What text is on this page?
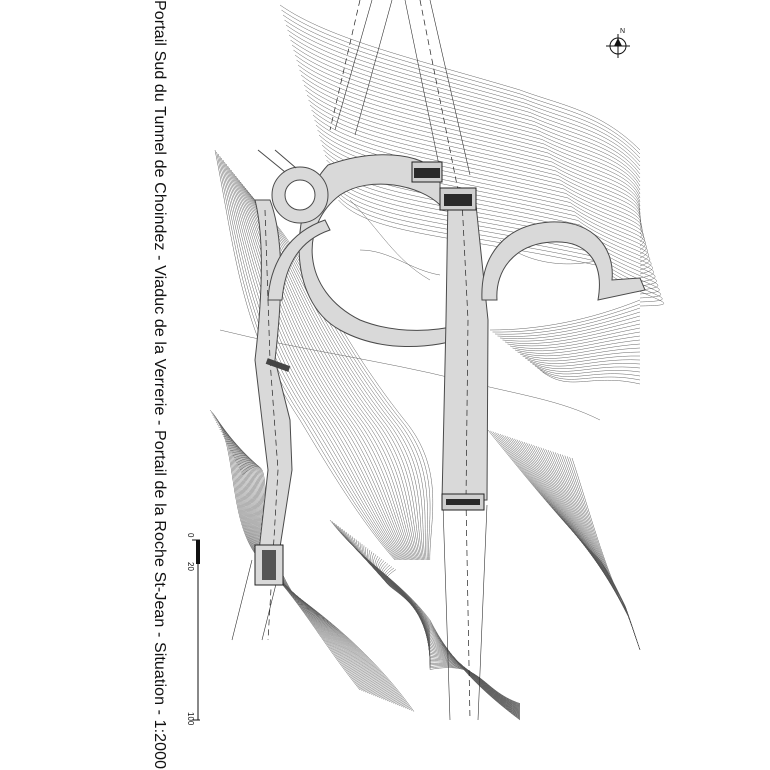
0
20
100
N
Portail Sud du Tunnel de Choindez - Viaduc de la Verrerie - Portail de la Roche St-Jean - Situation - 1:2000
